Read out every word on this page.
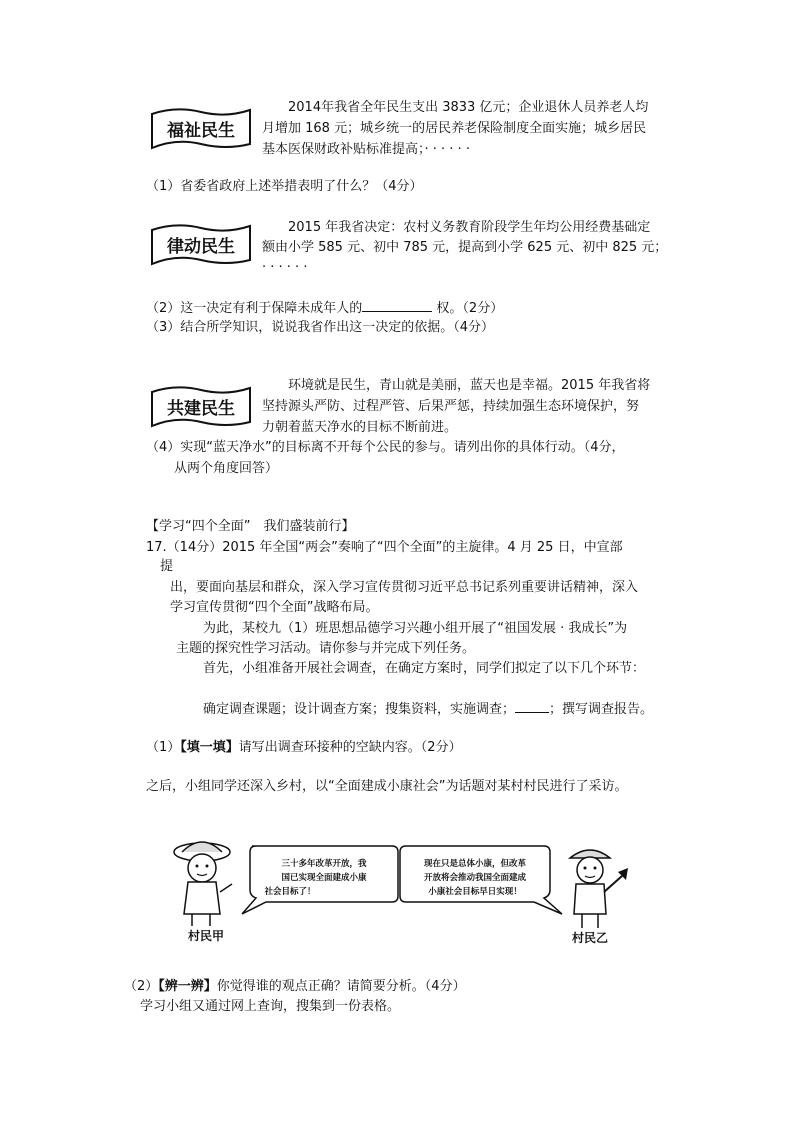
福祉民生
2014年我省全年民生支出 3833 亿元；企业退休人员养老人均
月增加 168 元；城乡统一的居民养老保险制度全面实施；城乡居民
基本医保财政补贴标准提高；· · · · · ·
（1）省委省政府上述举措表明了什么？（4分）
律动民生
2015 年我省决定：农村义务教育阶段学生年均公用经费基础定
额由小学 585 元、初中 785 元，提高到小学 625 元、初中 825 元；
· · · · · ·
（2）这一决定有利于保障未成年人的	权。（2分）
（3）结合所学知识，说说我省作出这一决定的依据。（4分）
共建民生
环境就是民生，青山就是美丽，蓝天也是幸福。2015 年我省将
坚持源头严防、过程严管、后果严惩，持续加强生态环境保护，努
力朝着蓝天净水的目标不断前进。
（4）实现“蓝天净水”的目标离不开每个公民的参与。请列出你的具体行动。（4分，
从两个角度回答）
【学习“四个全面”　我们盛装前行】
17.（14分）2015 年全国“两会”奏响了“四个全面”的主旋律。4 月 25 日，中宣部
提
出，要面向基层和群众，深入学习宣传贯彻习近平总书记系列重要讲话精神，深入
学习宣传贯彻“四个全面”战略布局。
为此，某校九（1）班思想品德学习兴趣小组开展了“祖国发展 · 我成长”为
主题的探究性学习活动。请你参与并完成下列任务。
首先，小组准备开展社会调查，在确定方案时，同学们拟定了以下几个环节：
确定调查课题；设计调查方案；搜集资料，实施调查；	；撰写调查报告。
（1）【填一填】请写出调查环接种的空缺内容。（2分）
之后，小组同学还深入乡村，以“全面建成小康社会”为话题对某村村民进行了采访。
村民甲
三十多年改革开放，我
国已实现全面建成小康
社会目标了！
现在只是总体小康，但改革
开放将会推动我国全面建成
小康社会目标早日实现！
村民乙
（2）【辨一辨】你觉得谁的观点正确？请简要分析。（4分）
学习小组又通过网上查询，搜集到一份表格。
